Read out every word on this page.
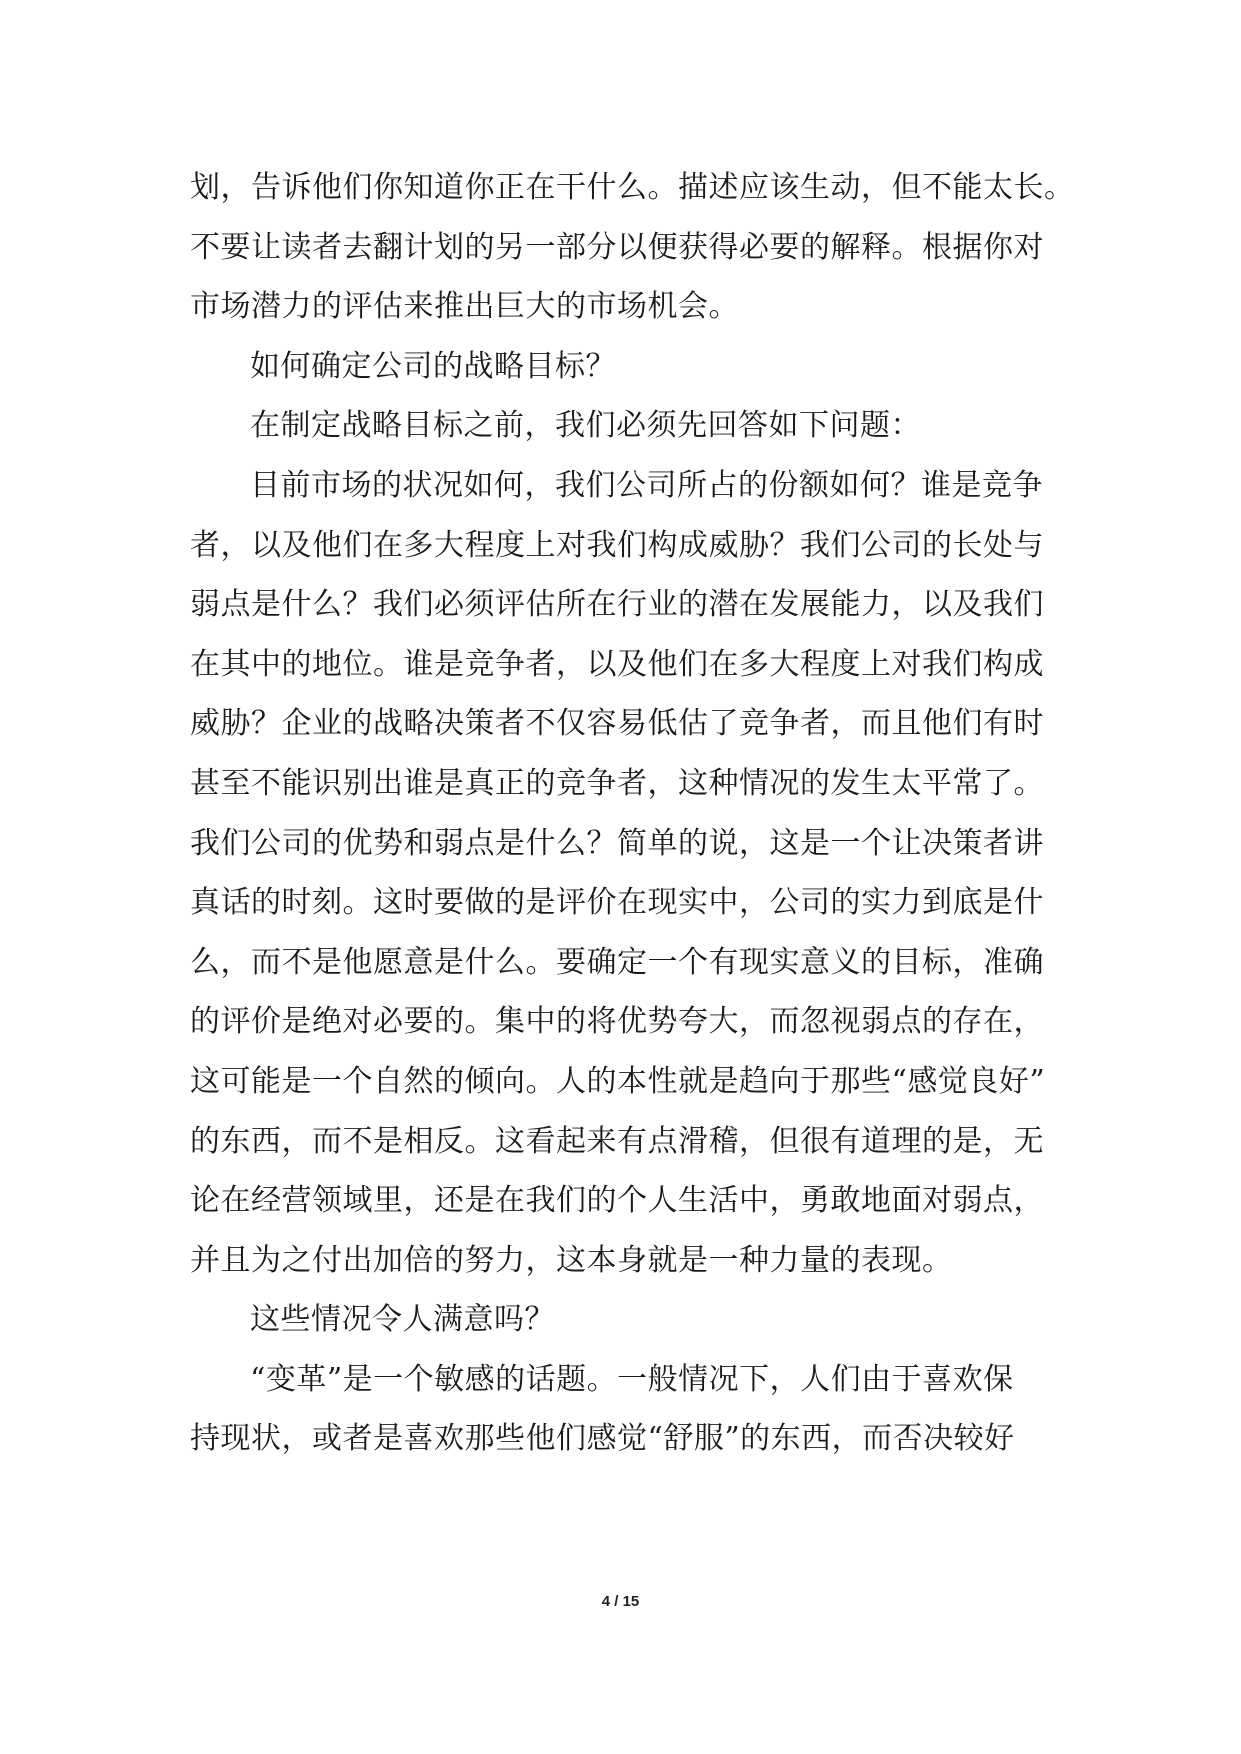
划，告诉他们你知道你正在干什么。描述应该生动，但不能太长。
不要让读者去翻计划的另一部分以便获得必要的解释。根据你对
市场潜力的评估来推出巨大的市场机会。
如何确定公司的战略目标？
在制定战略目标之前，我们必须先回答如下问题：
目前市场的状况如何，我们公司所占的份额如何？谁是竞争
者，以及他们在多大程度上对我们构成威胁？我们公司的长处与
弱点是什么？我们必须评估所在行业的潜在发展能力，以及我们
在其中的地位。谁是竞争者，以及他们在多大程度上对我们构成
威胁？企业的战略决策者不仅容易低估了竞争者，而且他们有时
甚至不能识别出谁是真正的竞争者，这种情况的发生太平常了。
我们公司的优势和弱点是什么？简单的说，这是一个让决策者讲
真话的时刻。这时要做的是评价在现实中，公司的实力到底是什
么，而不是他愿意是什么。要确定一个有现实意义的目标，准确
的评价是绝对必要的。集中的将优势夸大，而忽视弱点的存在，
这可能是一个自然的倾向。人的本性就是趋向于那些“感觉良好”
的东西，而不是相反。这看起来有点滑稽，但很有道理的是，无
论在经营领域里，还是在我们的个人生活中，勇敢地面对弱点，
并且为之付出加倍的努力，这本身就是一种力量的表现。
这些情况令人满意吗？
“变革”是一个敏感的话题。一般情况下，人们由于喜欢保
持现状，或者是喜欢那些他们感觉“舒服”的东西，而否决较好
4 / 15
